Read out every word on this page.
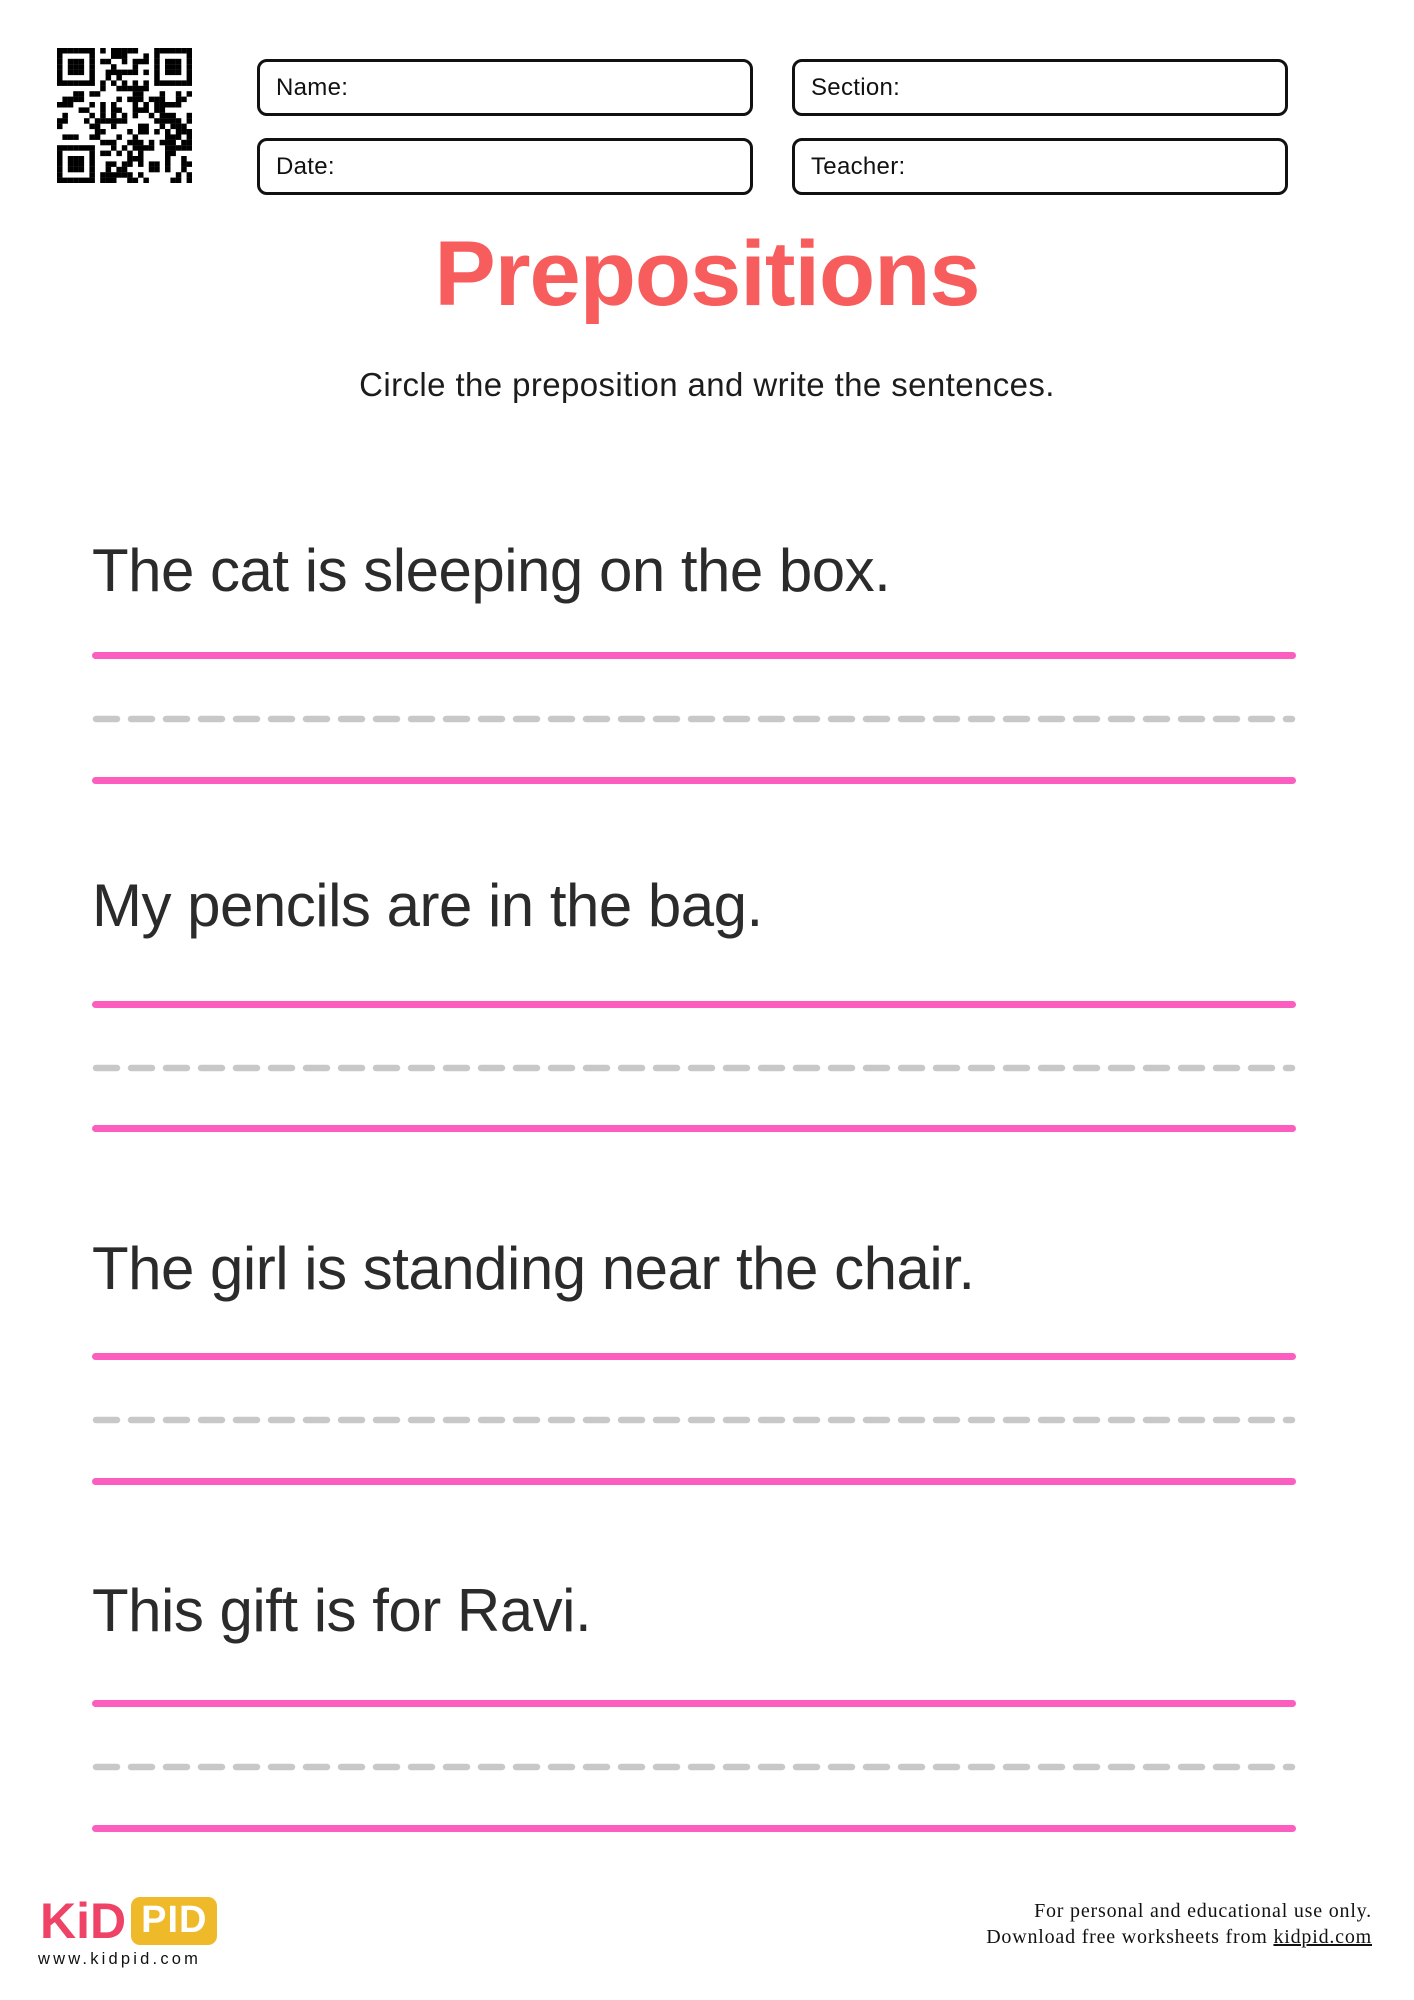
Name:	Section:
Date:	Teacher:
Prepositions

Circle the preposition and write the sentences.

The cat is sleeping on the box.

My pencils are in the bag.

The girl is standing near the chair.

This gift is for Ravi.

KiD PID
www.kidpid.com
For personal and educational use only.
Download free worksheets from kidpid.com
